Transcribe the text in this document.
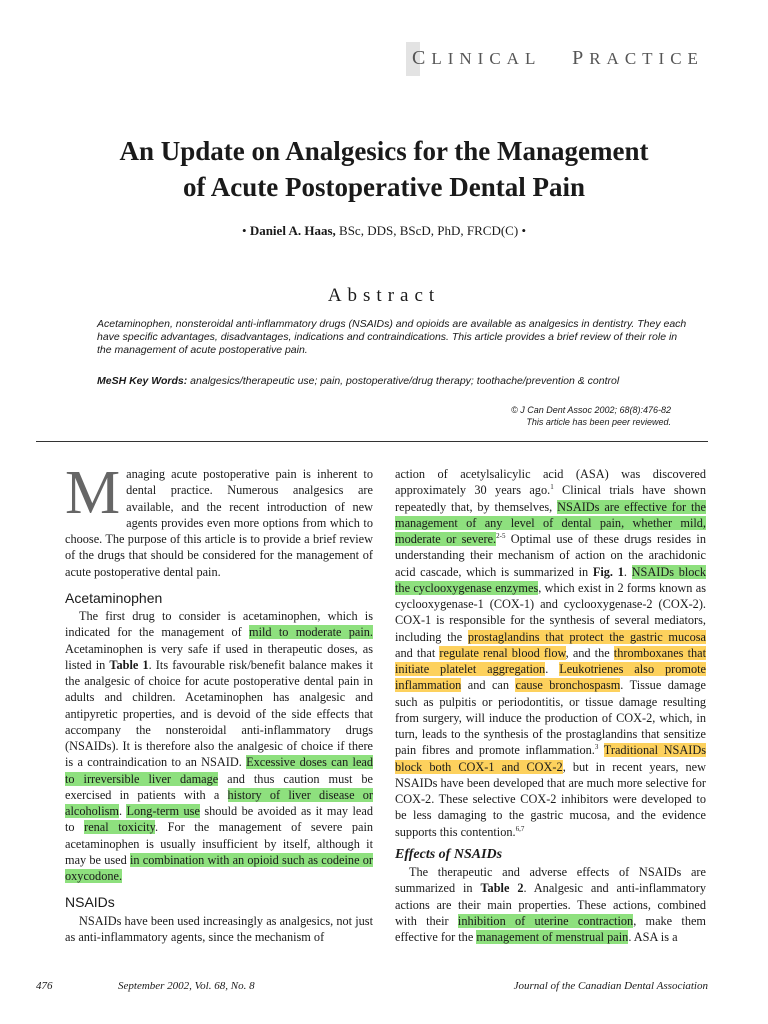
CLINICAL PRACTICE
An Update on Analgesics for the Management
of Acute Postoperative Dental Pain
• Daniel A. Haas, BSc, DDS, BScD, PhD, FRCD(C) •
Abstract

Acetaminophen, nonsteroidal anti-inflammatory drugs (NSAIDs) and opioids are available as analgesics in dentistry. They each have specific advantages, disadvantages, indications and contraindications. This article provides a brief review of their role in the management of acute postoperative pain.

MeSH Key Words: analgesics/therapeutic use; pain, postoperative/drug therapy; toothache/prevention & control

© J Can Dent Assoc 2002; 68(8):476-82
This article has been peer reviewed.

Managing acute postoperative pain is inherent to dental practice. Numerous analgesics are available, and the recent introduction of new agents provides even more options from which to choose. The purpose of this article is to provide a brief review of the drugs that should be considered for the management of acute postoperative dental pain.

Acetaminophen

The first drug to consider is acetaminophen, which is indicated for the management of mild to moderate pain. Acetaminophen is very safe if used in therapeutic doses, as listed in Table 1. Its favourable risk/benefit balance makes it the analgesic of choice for acute postoperative dental pain in adults and children. Acetaminophen has analgesic and antipyretic properties, and is devoid of the side effects that accompany the nonsteroidal anti-inflammatory drugs (NSAIDs). It is therefore also the analgesic of choice if there is a contraindication to an NSAID. Excessive doses can lead to irreversible liver damage and thus caution must be exercised in patients with a history of liver disease or alcoholism. Long-term use should be avoided as it may lead to renal toxicity. For the management of severe pain acetaminophen is usually insufficient by itself, although it may be used in combination with an opioid such as codeine or oxycodone.

NSAIDs

NSAIDs have been used increasingly as analgesics, not just as anti-inflammatory agents, since the mechanism of

action of acetylsalicylic acid (ASA) was discovered approximately 30 years ago.$^1$ Clinical trials have shown repeatedly that, by themselves, NSAIDs are effective for the management of any level of dental pain, whether mild, moderate or severe.$^{2-5}$ Optimal use of these drugs resides in understanding their mechanism of action on the arachidonic acid cascade, which is summarized in Fig. 1. NSAIDs block the cyclooxygenase enzymes, which exist in 2 forms known as cyclooxygenase-1 (COX-1) and cyclooxygenase-2 (COX-2). COX-1 is responsible for the synthesis of several mediators, including the prostaglandins that protect the gastric mucosa and that regulate renal blood flow, and the thromboxanes that initiate platelet aggregation. Leukotrienes also promote inflammation and can cause bronchospasm. Tissue damage such as pulpitis or periodontitis, or tissue damage resulting from surgery, will induce the production of COX-2, which, in turn, leads to the synthesis of the prostaglandins that sensitize pain fibres and promote inflammation.$^3$ Traditional NSAIDs block both COX-1 and COX-2, but in recent years, new NSAIDs have been developed that are much more selective for COX-2. These selective COX-2 inhibitors were developed to be less damaging to the gastric mucosa, and the evidence supports this contention.$^{6,7}$

Effects of NSAIDs

The therapeutic and adverse effects of NSAIDs are summarized in Table 2. Analgesic and anti-inflammatory actions are their main properties. These actions, combined with their inhibition of uterine contraction, make them effective for the management of menstrual pain. ASA is a

476	September 2002, Vol. 68, No. 8	Journal of the Canadian Dental Association
